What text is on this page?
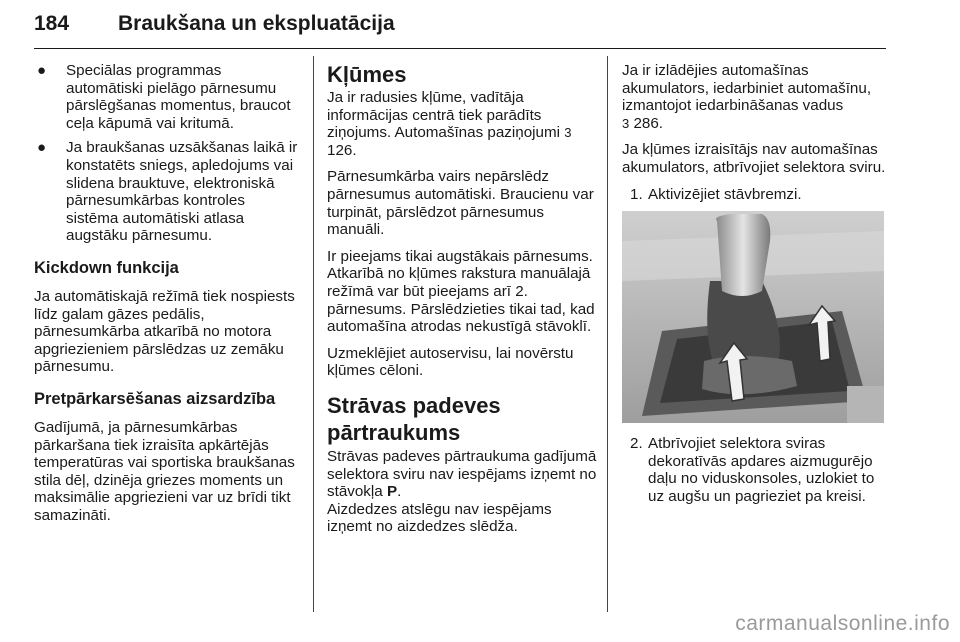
184 Braukšana un ekspluatācija
● Speciālas programmas automātiski pielāgo pārnesumu pārslēgšanas momentus, braucot ceļa kāpumā vai kritumā.
● Ja braukšanas uzsākšanas laikā ir konstatēts sniegs, apledojums vai slidena brauktuve, elektroniskā pārnesumkārbas kontroles sistēma automātiski atlasa augstāku pārnesumu.
Kickdown funkcija

Ja automātiskajā režīmā tiek nospiests līdz galam gāzes pedālis, pārnesumkārba atkarībā no motora apgriezieniem pārslēdzas uz zemāku pārnesumu.

Pretpārkarsēšanas aizsardzība

Gadījumā, ja pārnesumkārbas pārkaršana tiek izraisīta apkārtējās temperatūras vai sportiska braukšanas stila dēļ, dzinēja griezes moments un maksimālie apgriezieni var uz brīdi tikt samazināti.

Kļūmes

Ja ir radusies kļūme, vadītāja informācijas centrā tiek parādīts ziņojums. Automašīnas paziņojumi 3 126.

Pārnesumkārba vairs nepārslēdz pārnesumus automātiski. Braucienu var turpināt, pārslēdzot pārnesumus manuāli.

Ir pieejams tikai augstākais pārnesums. Atkarībā no kļūmes rakstura manuālajā režīmā var būt pieejams arī 2. pārnesums. Pārslēdzieties tikai tad, kad automašīna atrodas nekustīgā stāvoklī.

Uzmeklējiet autoservisu, lai novērstu kļūmes cēloni.

Strāvas padeves pārtraukums

Strāvas padeves pārtraukuma gadījumā selektora sviru nav iespējams izņemt no stāvokļa P.
Aizdedzes atslēgu nav iespējams izņemt no aizdedzes slēdža.

Ja ir izlādējies automašīnas akumulators, iedarbiniet automašīnu, izmantojot iedarbināšanas vadus
3 286.

Ja kļūmes izraisītājs nav automašīnas akumulators, atbrīvojiet selektora sviru.

1. Aktivizējiet stāvbremzi.
2. Atbrīvojiet selektora sviras dekoratīvās apdares aizmugurējo daļu no viduskonsoles, uzlokiet to uz augšu un pagrieziet pa kreisi.
carmanualsonline.info
